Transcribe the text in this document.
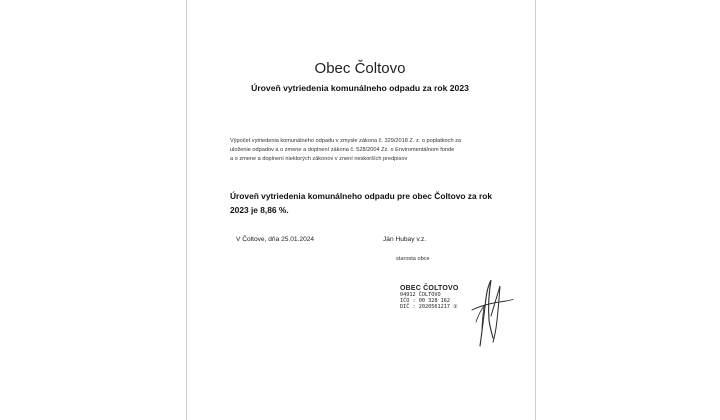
Obec Čoltovo
Úroveň vytriedenia komunálneho odpadu za rok 2023
Výpočet vytriedenia komunálneho odpadu v zmysle zákona č. 329/2018 Z. z. o poplatkoch za
uloženie odpadov a o zmene a doplnení zákona č. 528/2004 Zz. o Enviromentálnom fonde
a o zmene a doplnení niektorých zákonov v znení neskorších predpisov
Úroveň vytriedenia komunálneho odpadu pre obec Čoltovo za rok
2023 je 8,86 %.
V Čoltove, dňa 25.01.2024	Ján Hubay v.z.
starosta obce
OBEC ČOLTOVO
04912 ČOLTOVO
IČO : 00 328 162
DIČ : 2020561217 ②
